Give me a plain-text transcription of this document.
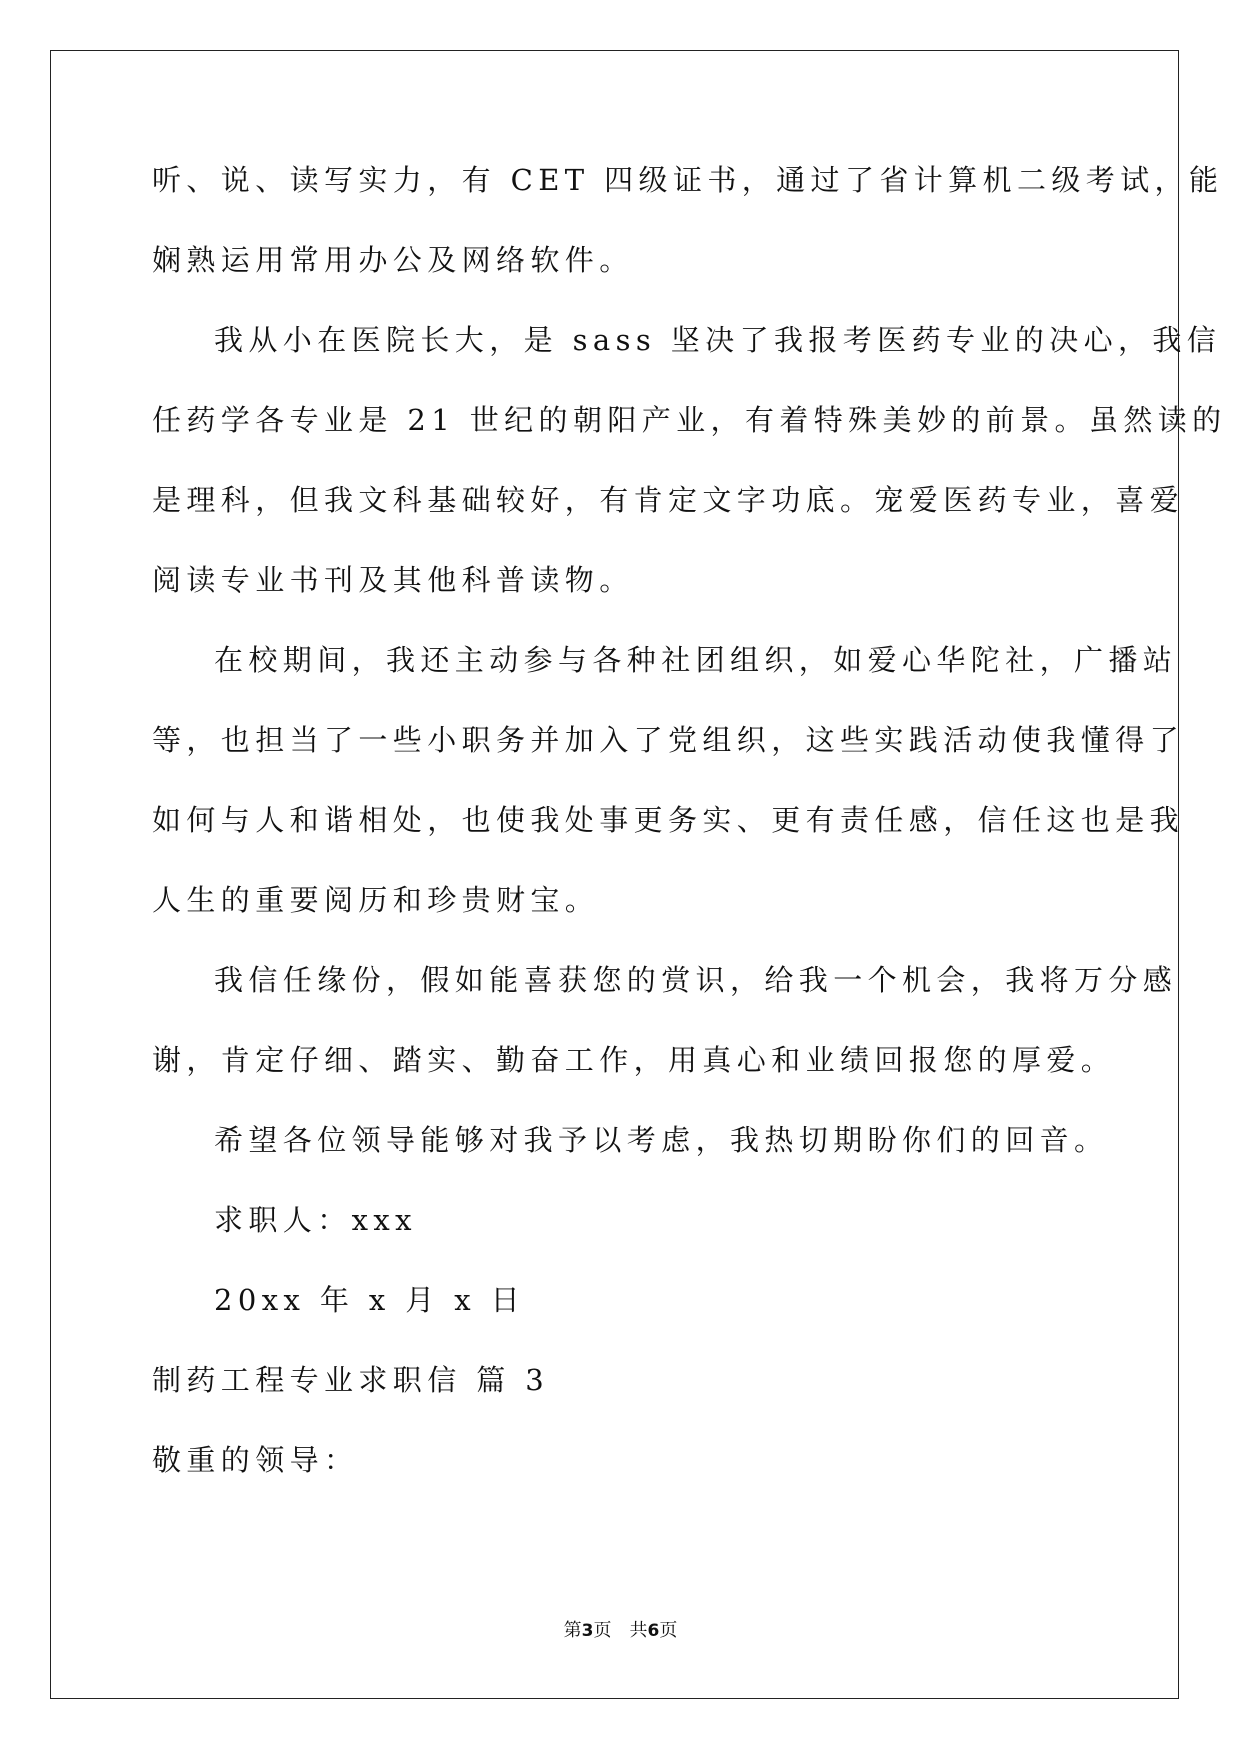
听、说、读写实力，有 CET 四级证书，通过了省计算机二级考试，能
娴熟运用常用办公及网络软件。
我从小在医院长大，是 sass 坚决了我报考医药专业的决心，我信
任药学各专业是 21 世纪的朝阳产业，有着特殊美妙的前景。虽然读的
是理科，但我文科基础较好，有肯定文字功底。宠爱医药专业，喜爱
阅读专业书刊及其他科普读物。
在校期间，我还主动参与各种社团组织，如爱心华陀社，广播站
等，也担当了一些小职务并加入了党组织，这些实践活动使我懂得了
如何与人和谐相处，也使我处事更务实、更有责任感，信任这也是我
人生的重要阅历和珍贵财宝。
我信任缘份，假如能喜获您的赏识，给我一个机会，我将万分感
谢，肯定仔细、踏实、勤奋工作，用真心和业绩回报您的厚爱。
希望各位领导能够对我予以考虑，我热切期盼你们的回音。
求职人：xxx
20xx 年 x 月 x 日
制药工程专业求职信 篇 3
敬重的领导：
第3页 共6页
